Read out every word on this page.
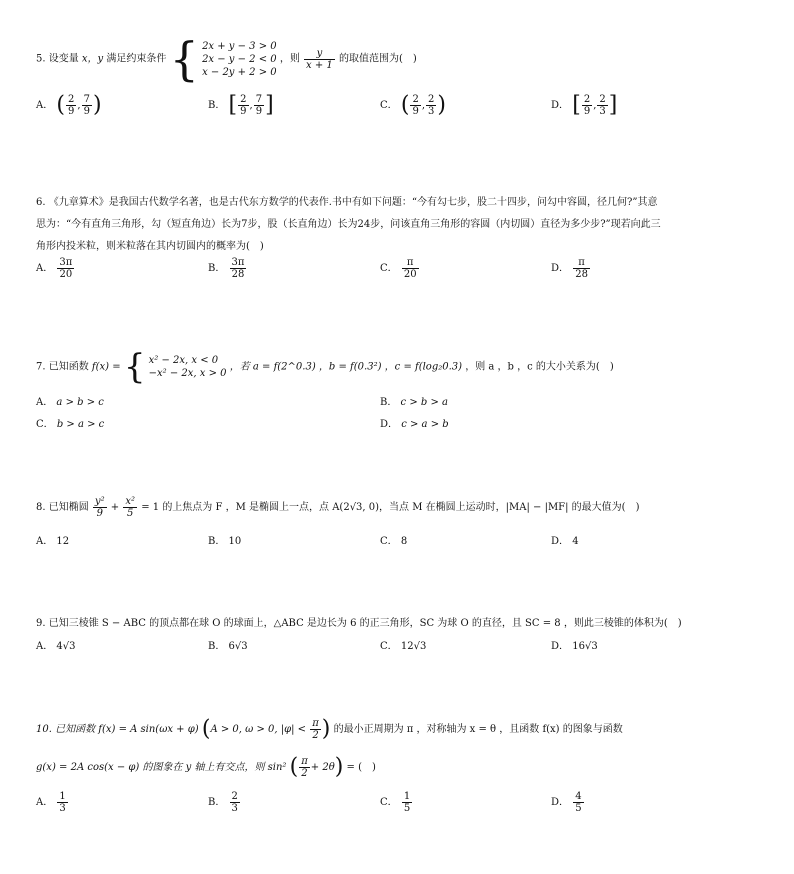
5. 设变量 x，y 满足约束条件 { 2x + y − 3 > 0
2x − y − 2 < 0
x − 2y + 2 > 0
，则 $\frac{y}{x + 1}$ 的取值范围为(　)
A． ( $\frac{2}{9}$ , $\frac{7}{9}$ )	B． [ $\frac{2}{9}$ , $\frac{7}{9}$ ]	C． ( $\frac{2}{9}$ , $\frac{2}{3}$ )	D． [ $\frac{2}{9}$ , $\frac{2}{3}$ ]
6. 《九章算术》是我国古代数学名著，也是古代东方数学的代表作.书中有如下问题：“今有勾七步，股二十四步，问勾中容圆，径几何?”其意
思为：“今有直角三角形，勾（短直角边）长为7步，股（长直角边）长为24步，问该直角三角形的容圆（内切圆）直径为多少步?”现若向此三
角形内投米粒，则米粒落在其内切圆内的概率为(　)
A． $\frac{3\pi}{20}$	B． $\frac{3\pi}{28}$	C． $\frac{\pi}{20}$	D． $\frac{\pi}{28}$
7. 已知函数 f(x) = { x² − 2x, x < 0
−x² − 2x, x > 0
，若 a = f(2^0.3) ，b = f(0.3²) ，c = f(log₂0.3) ，则 a ，b ，c 的大小关系为(　)
A． a > b > c	B． c > b > a
C． b > a > c	D． c > a > b
8. 已知椭圆 $\frac{\text{y²}}{9} + \frac{\text{x²}}{5} = 1$ 的上焦点为 F ，M 是椭圆上一点，点 A(2√3, 0)，当点 M 在椭圆上运动时，|MA| − |MF| 的最大值为(　)
A． 12	B． 10	C． 8	D． 4
9. 已知三棱锥 S − ABC 的顶点都在球 O 的球面上，△ABC 是边长为 6 的正三角形，SC 为球 O 的直径，且 SC = 8 ，则此三棱锥的体积为(　)
A． 4√3	B． 6√3	C． 12√3	D． 16√3
10. 已知函数 f(x) = A sin(ωx + φ) (A > 0, ω > 0, $|\varphi| < \frac{\pi}{2}$ ) 的最小正周期为 π ，对称轴为 x = θ ，且函数 f(x) 的图象与函数
g(x) = 2A cos(x − φ) 的图象在 y 轴上有交点，则 sin² ( $\frac{\pi}{2} + 2\theta$) = (　)
A． $\frac{1}{3}$	B． $\frac{2}{3}$	C． $\frac{1}{5}$	D． $\frac{4}{5}$
